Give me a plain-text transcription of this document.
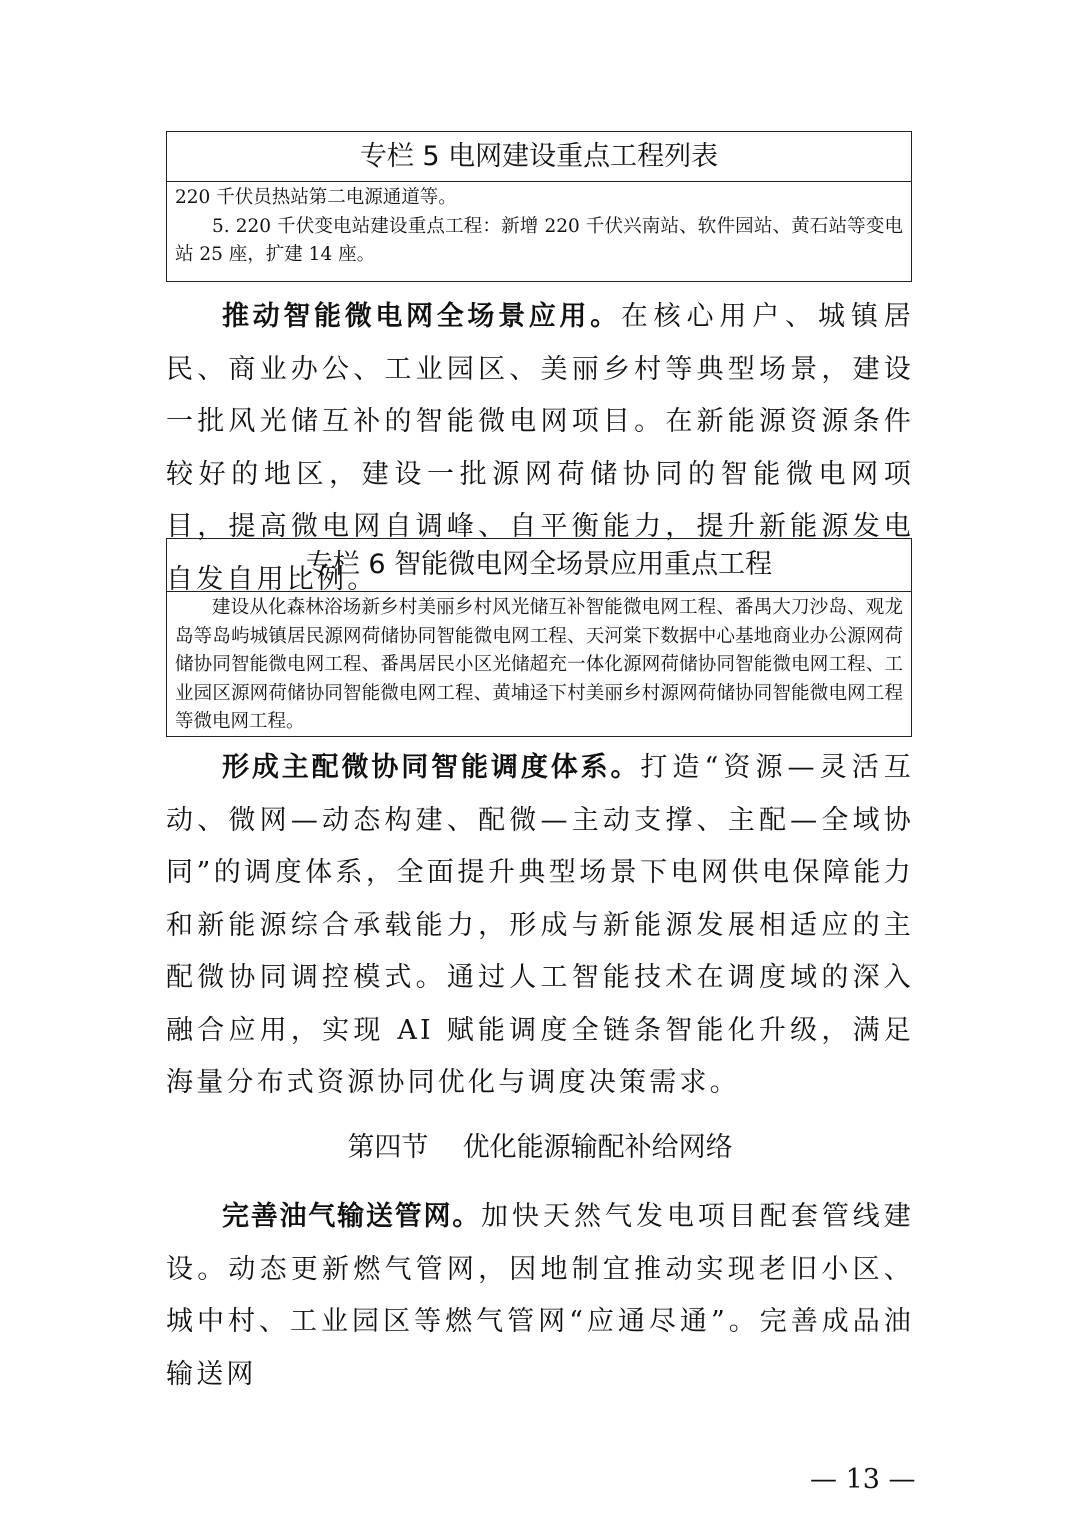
专栏 5 电网建设重点工程列表

220 千伏员热站第二电源通道等。

5. 220 千伏变电站建设重点工程：新增 220 千伏兴南站、软件园站、黄石站等变电站 25 座，扩建 14 座。

推动智能微电网全场景应用。在核心用户、城镇居民、商业办公、工业园区、美丽乡村等典型场景，建设一批风光储互补的智能微电网项目。在新能源资源条件较好的地区，建设一批源网荷储协同的智能微电网项目，提高微电网自调峰、自平衡能力，提升新能源发电自发自用比例。

专栏 6 智能微电网全场景应用重点工程

建设从化森林浴场新乡村美丽乡村风光储互补智能微电网工程、番禺大刀沙岛、观龙岛等岛屿城镇居民源网荷储协同智能微电网工程、天河棠下数据中心基地商业办公源网荷储协同智能微电网工程、番禺居民小区光储超充一体化源网荷储协同智能微电网工程、工业园区源网荷储协同智能微电网工程、黄埔迳下村美丽乡村源网荷储协同智能微电网工程等微电网工程。

形成主配微协同智能调度体系。打造“资源—灵活互动、微网—动态构建、配微—主动支撑、主配—全域协同”的调度体系，全面提升典型场景下电网供电保障能力和新能源综合承载能力，形成与新能源发展相适应的主配微协同调控模式。通过人工智能技术在调度域的深入融合应用，实现 AI 赋能调度全链条智能化升级，满足海量分布式资源协同优化与调度决策需求。

第四节    优化能源输配补给网络

完善油气输送管网。加快天然气发电项目配套管线建设。动态更新燃气管网，因地制宜推动实现老旧小区、城中村、工业园区等燃气管网“应通尽通”。完善成品油输送网

— 13 —
